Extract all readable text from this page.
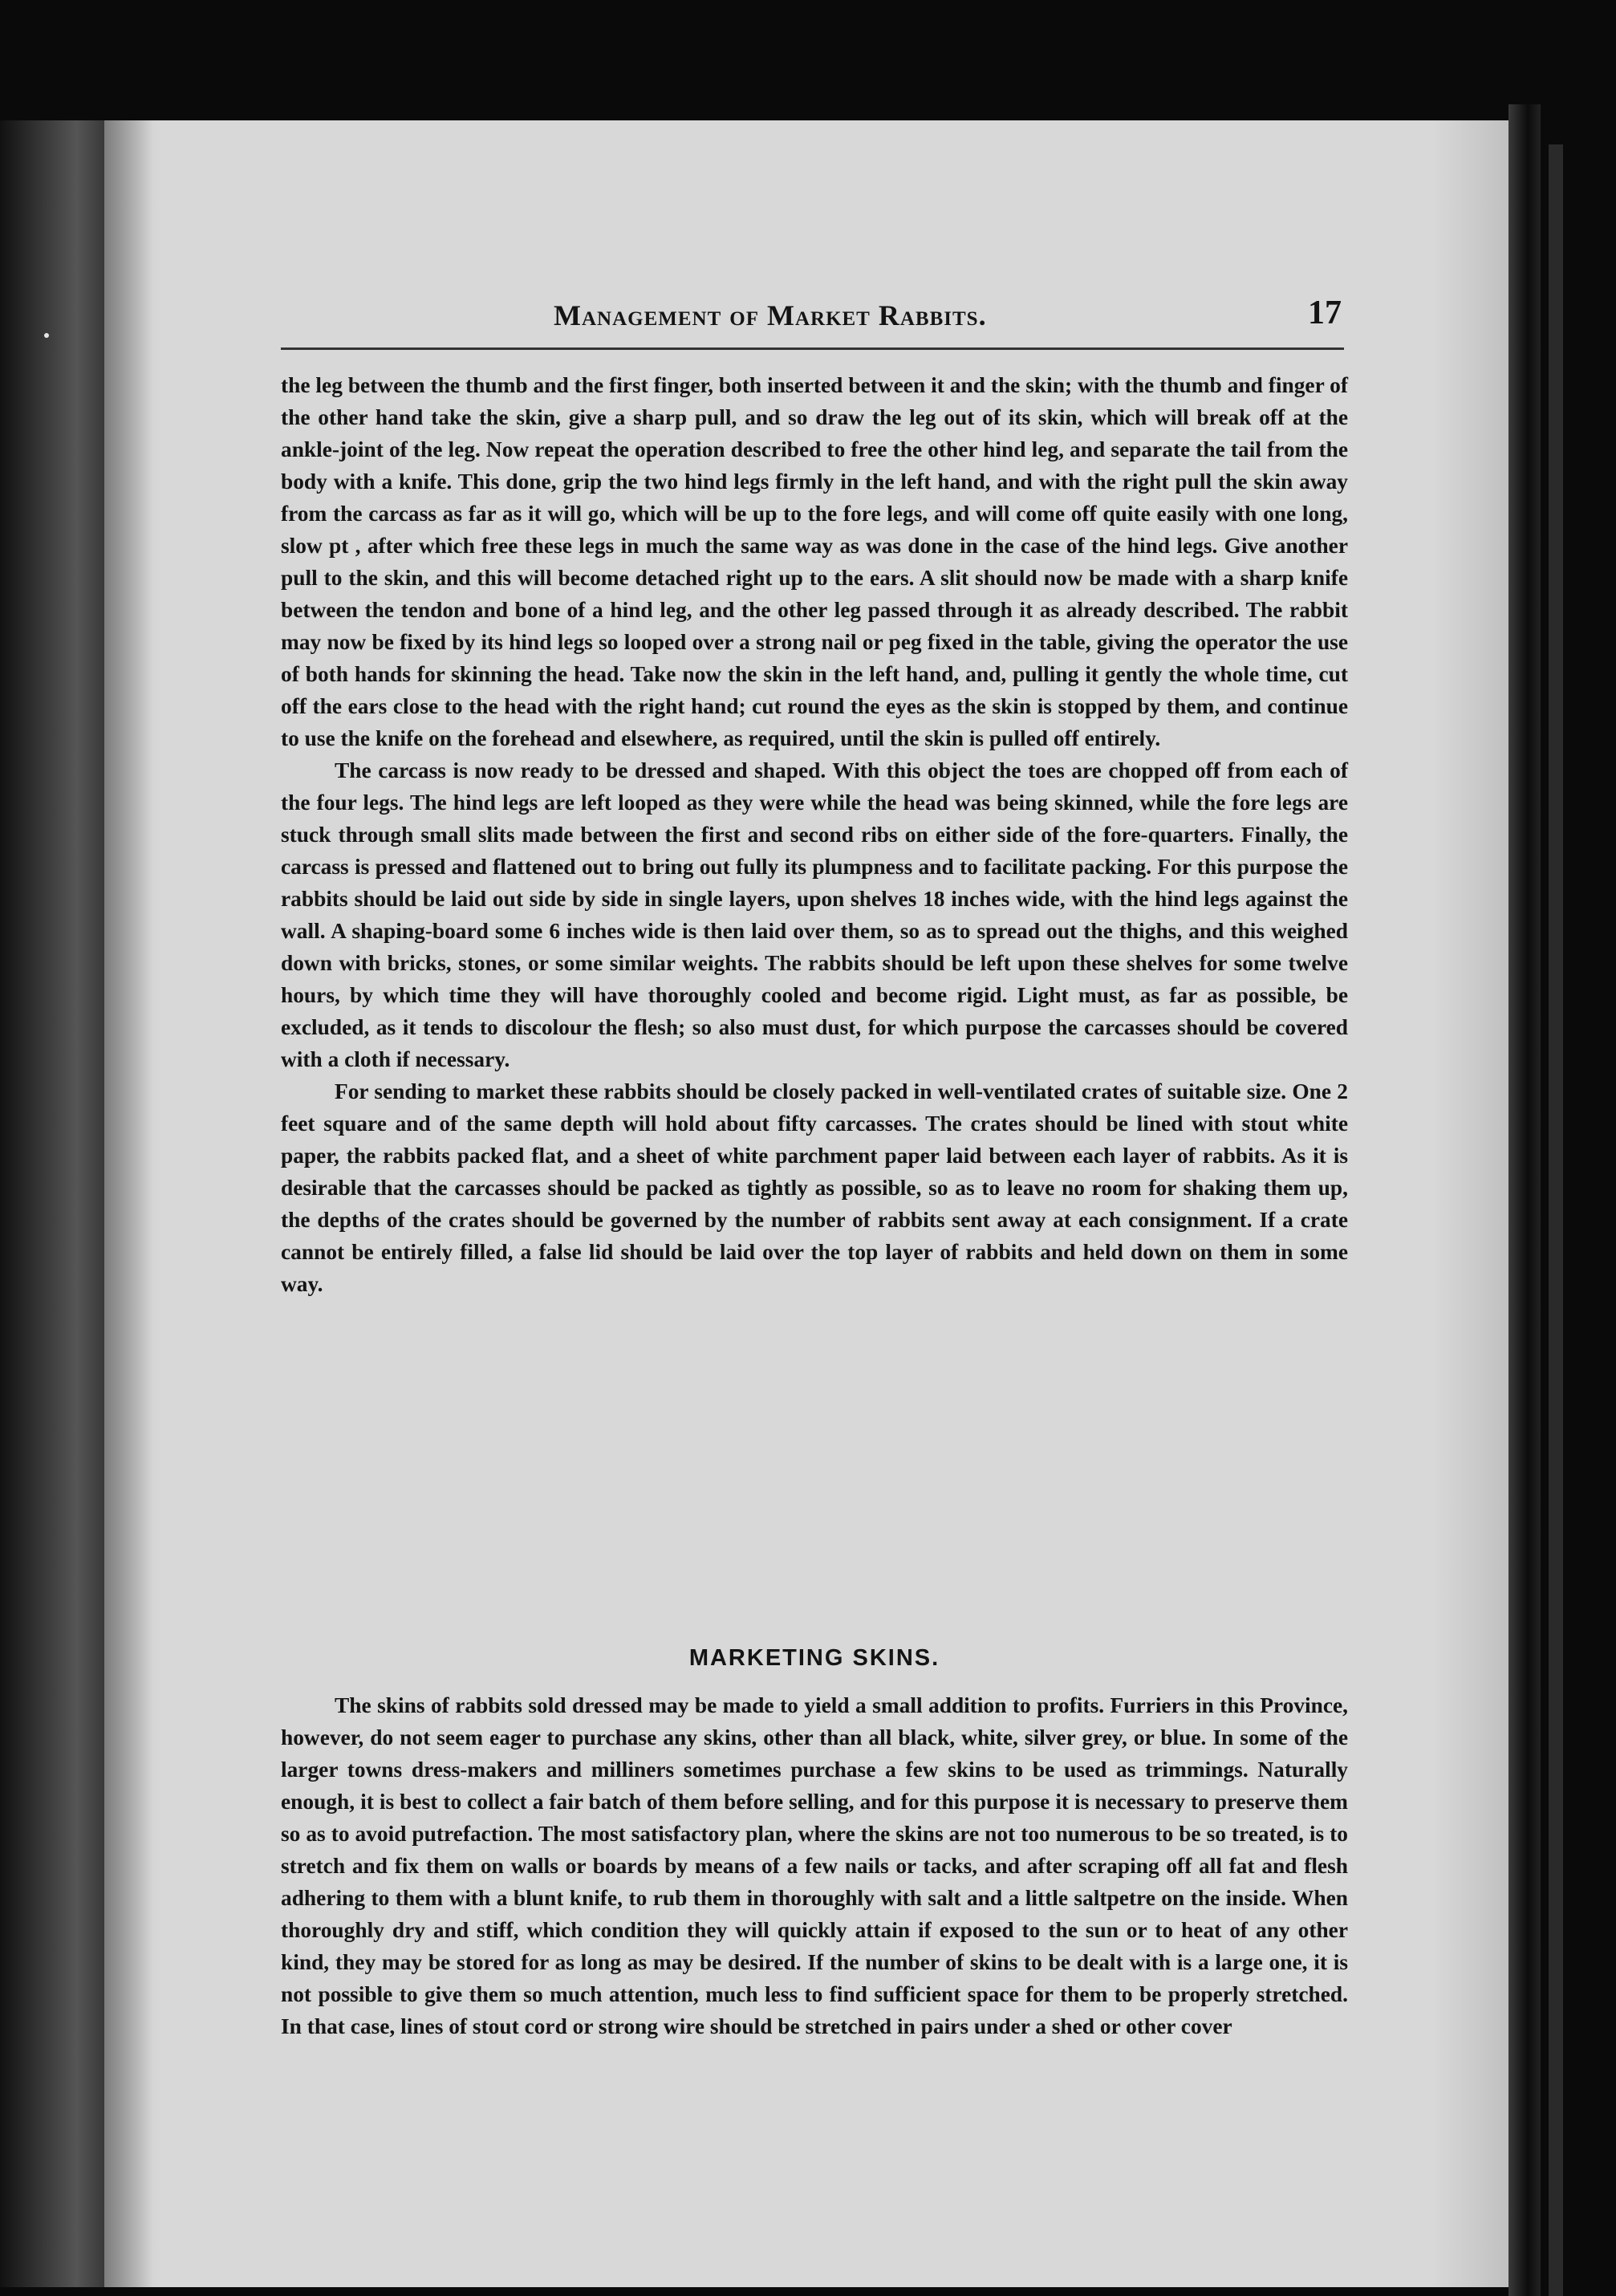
Management of Market Rabbits.	17

the leg between the thumb and the first finger, both inserted between it and the skin; with the thumb and finger of the other hand take the skin, give a sharp pull, and so draw the leg out of its skin, which will break off at the ankle-joint of the leg. Now repeat the operation described to free the other hind leg, and separate the tail from the body with a knife. This done, grip the two hind legs firmly in the left hand, and with the right pull the skin away from the carcass as far as it will go, which will be up to the fore legs, and will come off quite easily with one long, slow pt , after which free these legs in much the same way as was done in the case of the hind legs. Give another pull to the skin, and this will become detached right up to the ears. A slit should now be made with a sharp knife between the tendon and bone of a hind leg, and the other leg passed through it as already described. The rabbit may now be fixed by its hind legs so looped over a strong nail or peg fixed in the table, giving the operator the use of both hands for skinning the head. Take now the skin in the left hand, and, pulling it gently the whole time, cut off the ears close to the head with the right hand; cut round the eyes as the skin is stopped by them, and continue to use the knife on the forehead and elsewhere, as required, until the skin is pulled off entirely.

The carcass is now ready to be dressed and shaped. With this object the toes are chopped off from each of the four legs. The hind legs are left looped as they were while the head was being skinned, while the fore legs are stuck through small slits made between the first and second ribs on either side of the fore-quarters. Finally, the carcass is pressed and flattened out to bring out fully its plumpness and to facilitate packing. For this purpose the rabbits should be laid out side by side in single layers, upon shelves 18 inches wide, with the hind legs against the wall. A shaping-board some 6 inches wide is then laid over them, so as to spread out the thighs, and this weighed down with bricks, stones, or some similar weights. The rabbits should be left upon these shelves for some twelve hours, by which time they will have thoroughly cooled and become rigid. Light must, as far as possible, be excluded, as it tends to discolour the flesh; so also must dust, for which purpose the carcasses should be covered with a cloth if necessary.

For sending to market these rabbits should be closely packed in well-ventilated crates of suitable size. One 2 feet square and of the same depth will hold about fifty carcasses. The crates should be lined with stout white paper, the rabbits packed flat, and a sheet of white parchment paper laid between each layer of rabbits. As it is desirable that the carcasses should be packed as tightly as possible, so as to leave no room for shaking them up, the depths of the crates should be governed by the number of rabbits sent away at each consignment. If a crate cannot be entirely filled, a false lid should be laid over the top layer of rabbits and held down on them in some way.

MARKETING SKINS.

The skins of rabbits sold dressed may be made to yield a small addition to profits. Furriers in this Province, however, do not seem eager to purchase any skins, other than all black, white, silver grey, or blue. In some of the larger towns dress-makers and milliners sometimes purchase a few skins to be used as trimmings. Naturally enough, it is best to collect a fair batch of them before selling, and for this purpose it is necessary to preserve them so as to avoid putrefaction. The most satisfactory plan, where the skins are not too numerous to be so treated, is to stretch and fix them on walls or boards by means of a few nails or tacks, and after scraping off all fat and flesh adhering to them with a blunt knife, to rub them in thoroughly with salt and a little saltpetre on the inside. When thoroughly dry and stiff, which condition they will quickly attain if exposed to the sun or to heat of any other kind, they may be stored for as long as may be desired. If the number of skins to be dealt with is a large one, it is not possible to give them so much attention, much less to find sufficient space for them to be properly stretched. In that case, lines of stout cord or strong wire should be stretched in pairs under a shed or other cover
